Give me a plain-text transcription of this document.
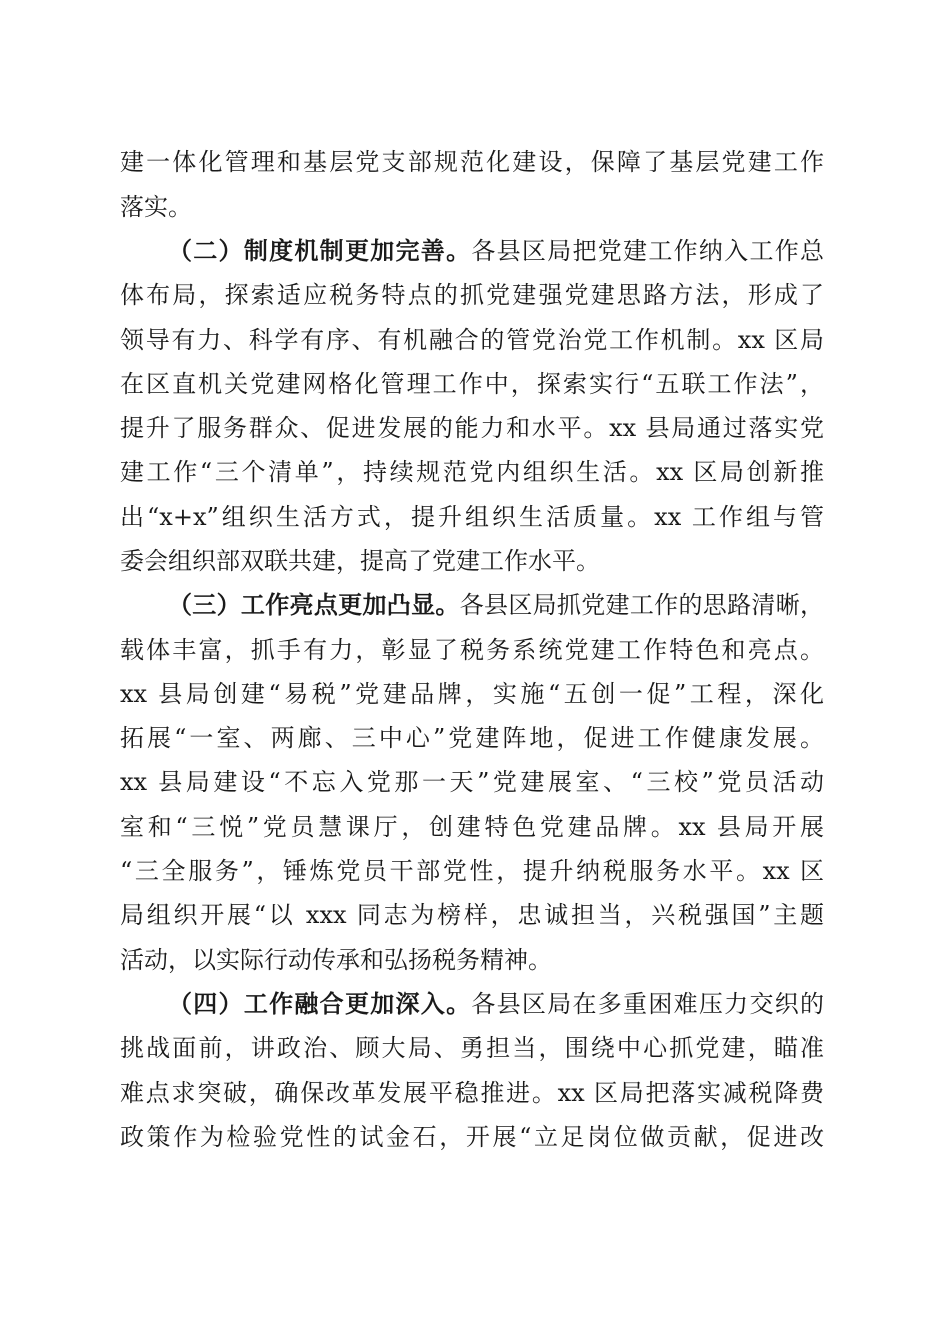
建一体化管理和基层党支部规范化建设，保障了基层党建工作
落实。
（二）制度机制更加完善。各县区局把党建工作纳入工作总
体布局，探索适应税务特点的抓党建强党建思路方法，形成了
领导有力、科学有序、有机融合的管党治党工作机制。xx 区局
在区直机关党建网格化管理工作中，探索实行“五联工作法”，
提升了服务群众、促进发展的能力和水平。xx 县局通过落实党
建工作“三个清单”，持续规范党内组织生活。xx 区局创新推
出“x+x”组织生活方式，提升组织生活质量。xx 工作组与管
委会组织部双联共建，提高了党建工作水平。
（三）工作亮点更加凸显。各县区局抓党建工作的思路清晰，
载体丰富，抓手有力，彰显了税务系统党建工作特色和亮点。
xx 县局创建“易税”党建品牌，实施“五创一促”工程，深化
拓展“一室、两廊、三中心”党建阵地，促进工作健康发展。
xx 县局建设“不忘入党那一天”党建展室、“三校”党员活动
室和“三悦”党员慧课厅，创建特色党建品牌。xx 县局开展
“三全服务”，锤炼党员干部党性，提升纳税服务水平。xx 区
局组织开展“以 xxx 同志为榜样，忠诚担当，兴税强国”主题
活动，以实际行动传承和弘扬税务精神。
（四）工作融合更加深入。各县区局在多重困难压力交织的
挑战面前，讲政治、顾大局、勇担当，围绕中心抓党建，瞄准
难点求突破，确保改革发展平稳推进。xx 区局把落实减税降费
政策作为检验党性的试金石，开展“立足岗位做贡献，促进改
